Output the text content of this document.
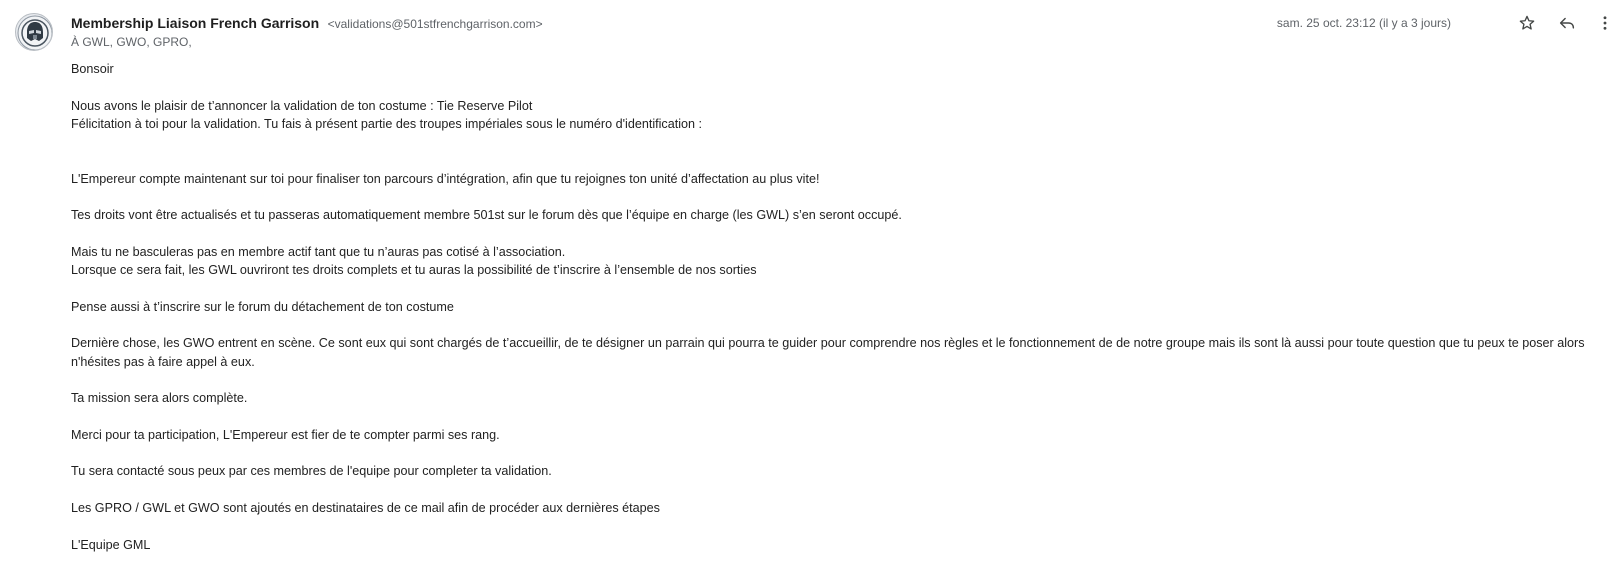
Membership Liaison French Garrison <validations@501stfrenchgarrison.com>
À GWL, GWO, GPRO,
sam. 25 oct. 23:12 (il y a 3 jours)

Bonsoir

Nous avons le plaisir de t’annoncer la validation de ton costume : Tie Reserve Pilot

Félicitation à toi pour la validation. Tu fais à présent partie des troupes impériales sous le numéro d'identification :

L'Empereur compte maintenant sur toi pour finaliser ton parcours d’intégration, afin que tu rejoignes ton unité d’affectation au plus vite!

Tes droits vont être actualisés et tu passeras automatiquement membre 501st sur le forum dès que l’équipe en charge (les GWL) s’en seront occupé.

Mais tu ne basculeras pas en membre actif tant que tu n’auras pas cotisé à l’association.

Lorsque ce sera fait, les GWL ouvriront tes droits complets et tu auras la possibilité de t’inscrire à l’ensemble de nos sorties

Pense aussi à t’inscrire sur le forum du détachement de ton costume

Dernière chose, les GWO entrent en scène. Ce sont eux qui sont chargés de t’accueillir, de te désigner un parrain qui pourra te guider pour comprendre nos règles et le fonctionnement de de notre groupe mais ils sont là aussi pour toute question que tu peux te poser alors n'hésites pas à faire appel à eux.

Ta mission sera alors complète.

Merci pour ta participation, L'Empereur est fier de te compter parmi ses rang.

Tu sera contacté sous peux par ces membres de l'equipe pour completer ta validation.

Les GPRO / GWL et GWO sont ajoutés en destinataires de ce mail afin de procéder aux dernières étapes

L'Equipe GML
